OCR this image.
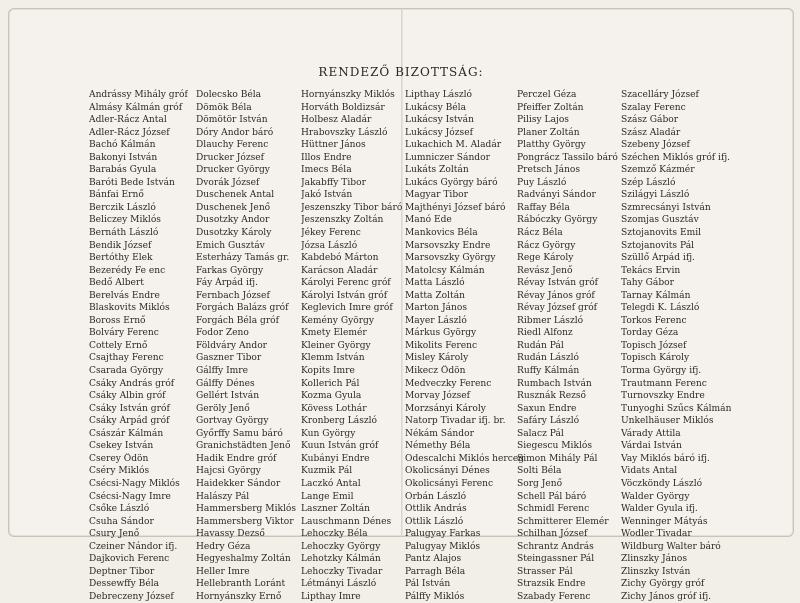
RENDEZŐ BIZOTTSÁG:
Andrássy Mihály gróf
Almásy Kálmán gróf
Adler-Rácz Antal
Adler-Rácz József
Bachó Kálmán
Bakonyi István
Barabás Gyula
Baróti Bede István
Bánfai Ernő
Berczik László
Beliczey Miklós
Bernáth László
Bendik József
Bertóthy Elek
Bezerédy Fe enc
Bedő Albert
Berelvás Endre
Blaskovits Miklós
Boross Ernő
Bolváry Ferenc
Cottely Ernő
Csajthay Ferenc
Csarada György
Csáky András gróf
Csáky Albin gróf
Csáky István gróf
Csáky Árpád gróf
Császár Kálmán
Csekey István
Cserey Ödön
Cséry Miklós
Csécsi-Nagy Miklós
Csécsi-Nagy Imre
Csőke László
Csuha Sándor
Csury Jenő
Czeiner Nándor ifj.
Dajkovich Ferenc
Deptner Tibor
Dessewffy Béla
Debreczeny József
Dolecsko Béla
Dömök Béla
Dömötör István
Dóry Andor báró
Dlauchy Ferenc
Drucker József
Drucker György
Dvorák József
Duschenek Antal
Duschenek Jenő
Dusotzky Andor
Dusotzky Károly
Emich Gusztáv
Esterházy Tamás gr.
Farkas György
Fáy Árpád ifj.
Fernbach József
Forgách Balázs gróf
Forgách Béla gróf
Fodor Zeno
Földváry Andor
Gaszner Tibor
Gálffy Imre
Gálffy Dénes
Gellért István
Geröly Jenő
Gortvay György
Győrffy Samu báró
Granichstädten Jenő
Hadik Endre gróf
Hajcsi György
Haidekker Sándor
Halászy Pál
Hammersberg Miklós
Hammersberg Viktor
Havassy Dezső
Hedry Géza
Hegyeshalmy Zoltán
Heller Imre
Hellebranth Loránt
Hornyánszky Ernő
Hornyánszky Miklós
Horváth Boldizsár
Holbesz Aladár
Hrabovszky László
Hüttner János
Illos Endre
Imecs Béla
Jakabffy Tibor
Jakó István
Jeszenszky Tibor báró
Jeszenszky Zoltán
Jékey Ferenc
Józsa László
Kabdebó Márton
Karácson Aladár
Károlyi Ferenc gróf
Károlyi István gróf
Keglevich Imre gróf
Kemény György
Kmety Elemér
Kleiner György
Klemm István
Kopits Imre
Kollerich Pál
Kozma Gyula
Kövess Lothár
Kronberg László
Kun György
Kuun István gróf
Kubányi Endre
Kuzmik Pál
Laczkó Antal
Lange Emil
Laszner Zoltán
Lauschmann Dénes
Lehoczky Béla
Lehoczky György
Lehotzky Kálmán
Lehoczky Tivadar
Létmányi László
Lipthay Imre
Lipthay László
Lukácsy Béla
Lukácsy István
Lukácsy József
Lukachich M. Aladár
Lumniczer Sándor
Lukáts Zoltán
Lukács György báró
Magyar Tibor
Majthényi József báró
Manó Ede
Mankovics Béla
Marsovszky Endre
Marsovszky György
Matolcsy Kálmán
Matta László
Matta Zoltán
Marton János
Mayer László
Márkus György
Mikolits Ferenc
Misley Károly
Mikecz Ödön
Medveczky Ferenc
Morvay József
Morzsányi Károly
Natorp Tivadar ifj. br.
Nékám Sándor
Némethy Béla
Odescalchi Miklós herceg
Okolicsányi Dénes
Okolicsányi Ferenc
Orbán László
Ottlik András
Ottlik László
Palugyay Farkas
Palugyay Miklós
Pantz Alajos
Parragh Béla
Pál István
Pálffy Miklós
Perczel Géza
Pfeiffer Zoltán
Pilisy Lajos
Planer Zoltán
Platthy György
Pongrácz Tassilo báró
Pretsch János
Puy László
Radványi Sándor
Raffay Béla
Rábóczky György
Rácz Béla
Rácz György
Rege Károly
Revász Jenő
Révay István gróf
Révay János gróf
Révay József gróf
Ribmer László
Riedl Alfonz
Rudán Pál
Rudán László
Ruffy Kálmán
Rumbach István
Rusznák Rezső
Saxun Endre
Safáry László
Salacz Pál
Siegescu Miklós
Simon Mihály Pál
Solti Béla
Sorg Jenő
Schell Pál báró
Schmidl Ferenc
Schmitterer Elemér
Schilhan József
Schrantz András
Steingassner Pál
Strasser Pál
Strazsik Endre
Szabady Ferenc
Szacelláry József
Szalay Ferenc
Szász Gábor
Szász Aladár
Szebeny József
Széchen Miklós gróf ifj.
Szemző Kázmér
Szép László
Szilágyi László
Szmrecsányi István
Szomjas Gusztáv
Sztojanovits Emil
Sztojanovits Pál
Szüllő Árpád ifj.
Tekács Ervin
Tahy Gábor
Tarnay Kálmán
Telegdi K. László
Torkos Ferenc
Torday Géza
Topisch József
Topisch Károly
Torma György ifj.
Trautmann Ferenc
Turnovszky Endre
Tunyoghi Szűcs Kálmán
Unkelhäuser Miklós
Várady Attila
Várdai István
Vay Miklós báró ifj.
Vidats Antal
Vöczköndy László
Walder György
Walder Gyula ifj.
Wenninger Mátyás
Wodler Tivadar
Wildburg Walter báró
Zlinszky János
Zlinszky István
Zichy György gróf
Zichy János gróf ifj.
